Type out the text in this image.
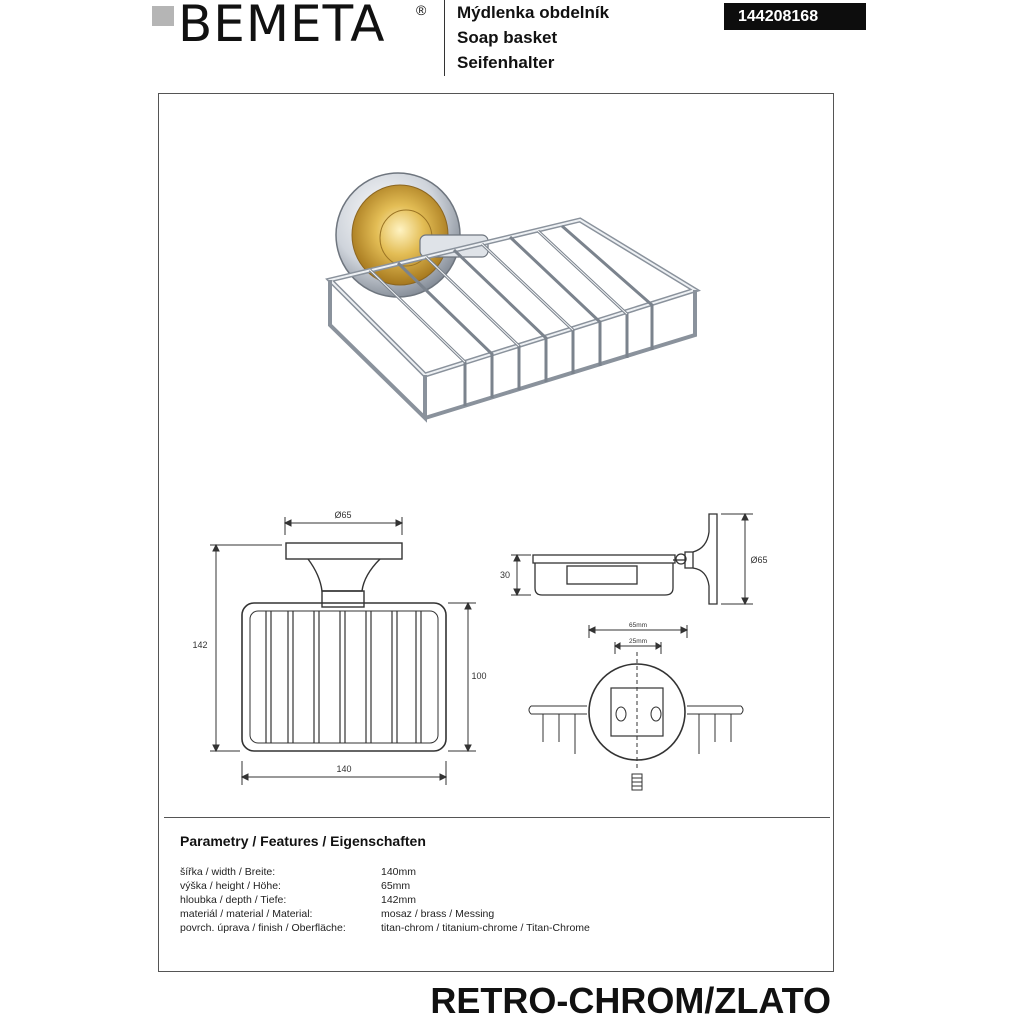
BEMETA ® Mýdlenka obdelník
Soap basket
Seifenhalter
144208168
Ø65
142
100
140
30
Ø65
65mm
25mm
Parametry / Features / Eigenschaften
šířka / width / Breite:	140mm
výška / height / Höhe:	65mm
hloubka / depth / Tiefe:	142mm
materiál / material / Material:	mosaz / brass / Messing
povrch. úprava / finish / Oberfläche:	titan-chrom / titanium-chrome / Titan-Chrome
RETRO-CHROM/ZLATO
